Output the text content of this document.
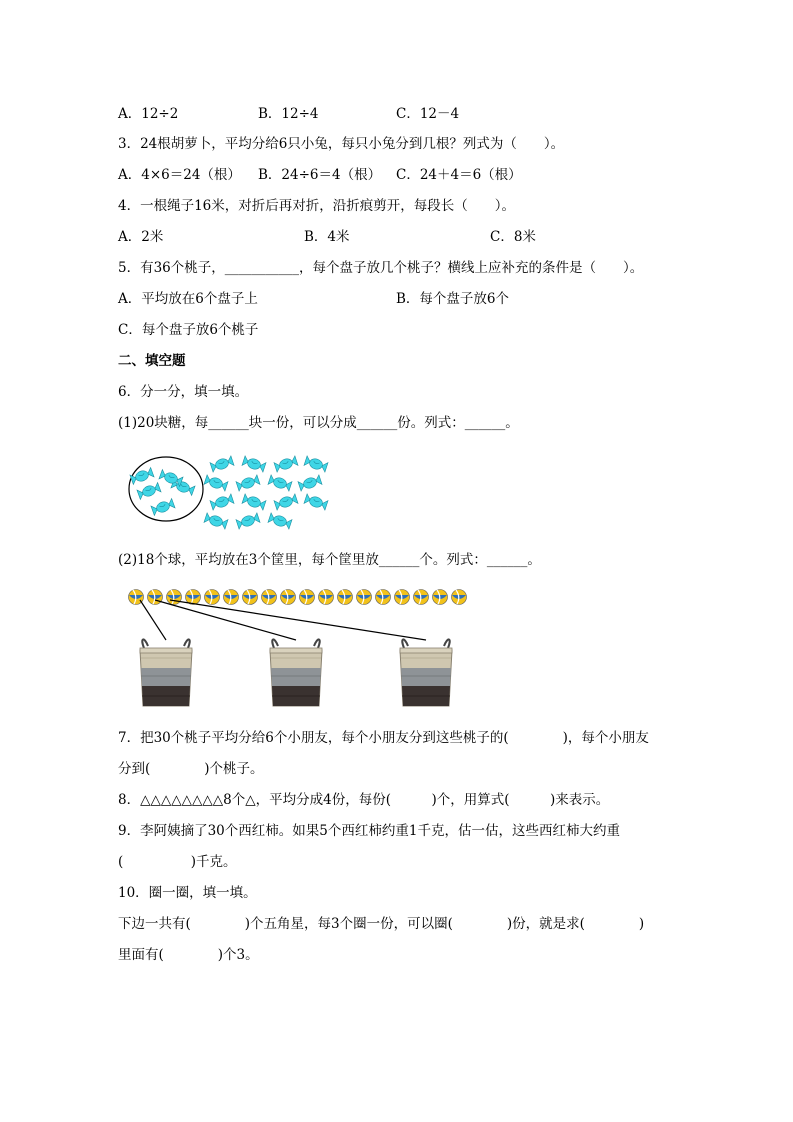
A．12÷2	B．12÷4	C．12－4
3．24根胡萝卜，平均分给6只小兔，每只小兔分到几根？列式为（　　）。
A．4×6＝24（根） B．24÷6＝4（根） C．24＋4＝6（根）
4．一根绳子16米，对折后再对折，沿折痕剪开，每段长（　　）。
A．2米	B．4米	C．8米
5．有36个桃子，___________，每个盘子放几个桃子？横线上应补充的条件是（　　）。
A．平均放在6个盘子上	B．每个盘子放6个
C．每个盘子放6个桃子
二、填空题
6．分一分，填一填。
(1)20块糖，每______块一份，可以分成______份。列式：______。
(2)18个球，平均放在3个筐里，每个筐里放______个。列式：______。
7．把30个桃子平均分给6个小朋友，每个小朋友分到这些桃子的(　　　　)，每个小朋友
分到(　　　　)个桃子。
8．△△△△△△△△8个△，平均分成4份，每份(　　　)个，用算式(　　　)来表示。
9．李阿姨摘了30个西红柿。如果5个西红柿约重1千克，估一估，这些西红柿大约重
(　　　　　)千克。
10．圈一圈，填一填。
下边一共有(　　　　)个五角星，每3个圈一份，可以圈(　　　　)份，就是求(　　　　)
里面有(　　　　)个3。
